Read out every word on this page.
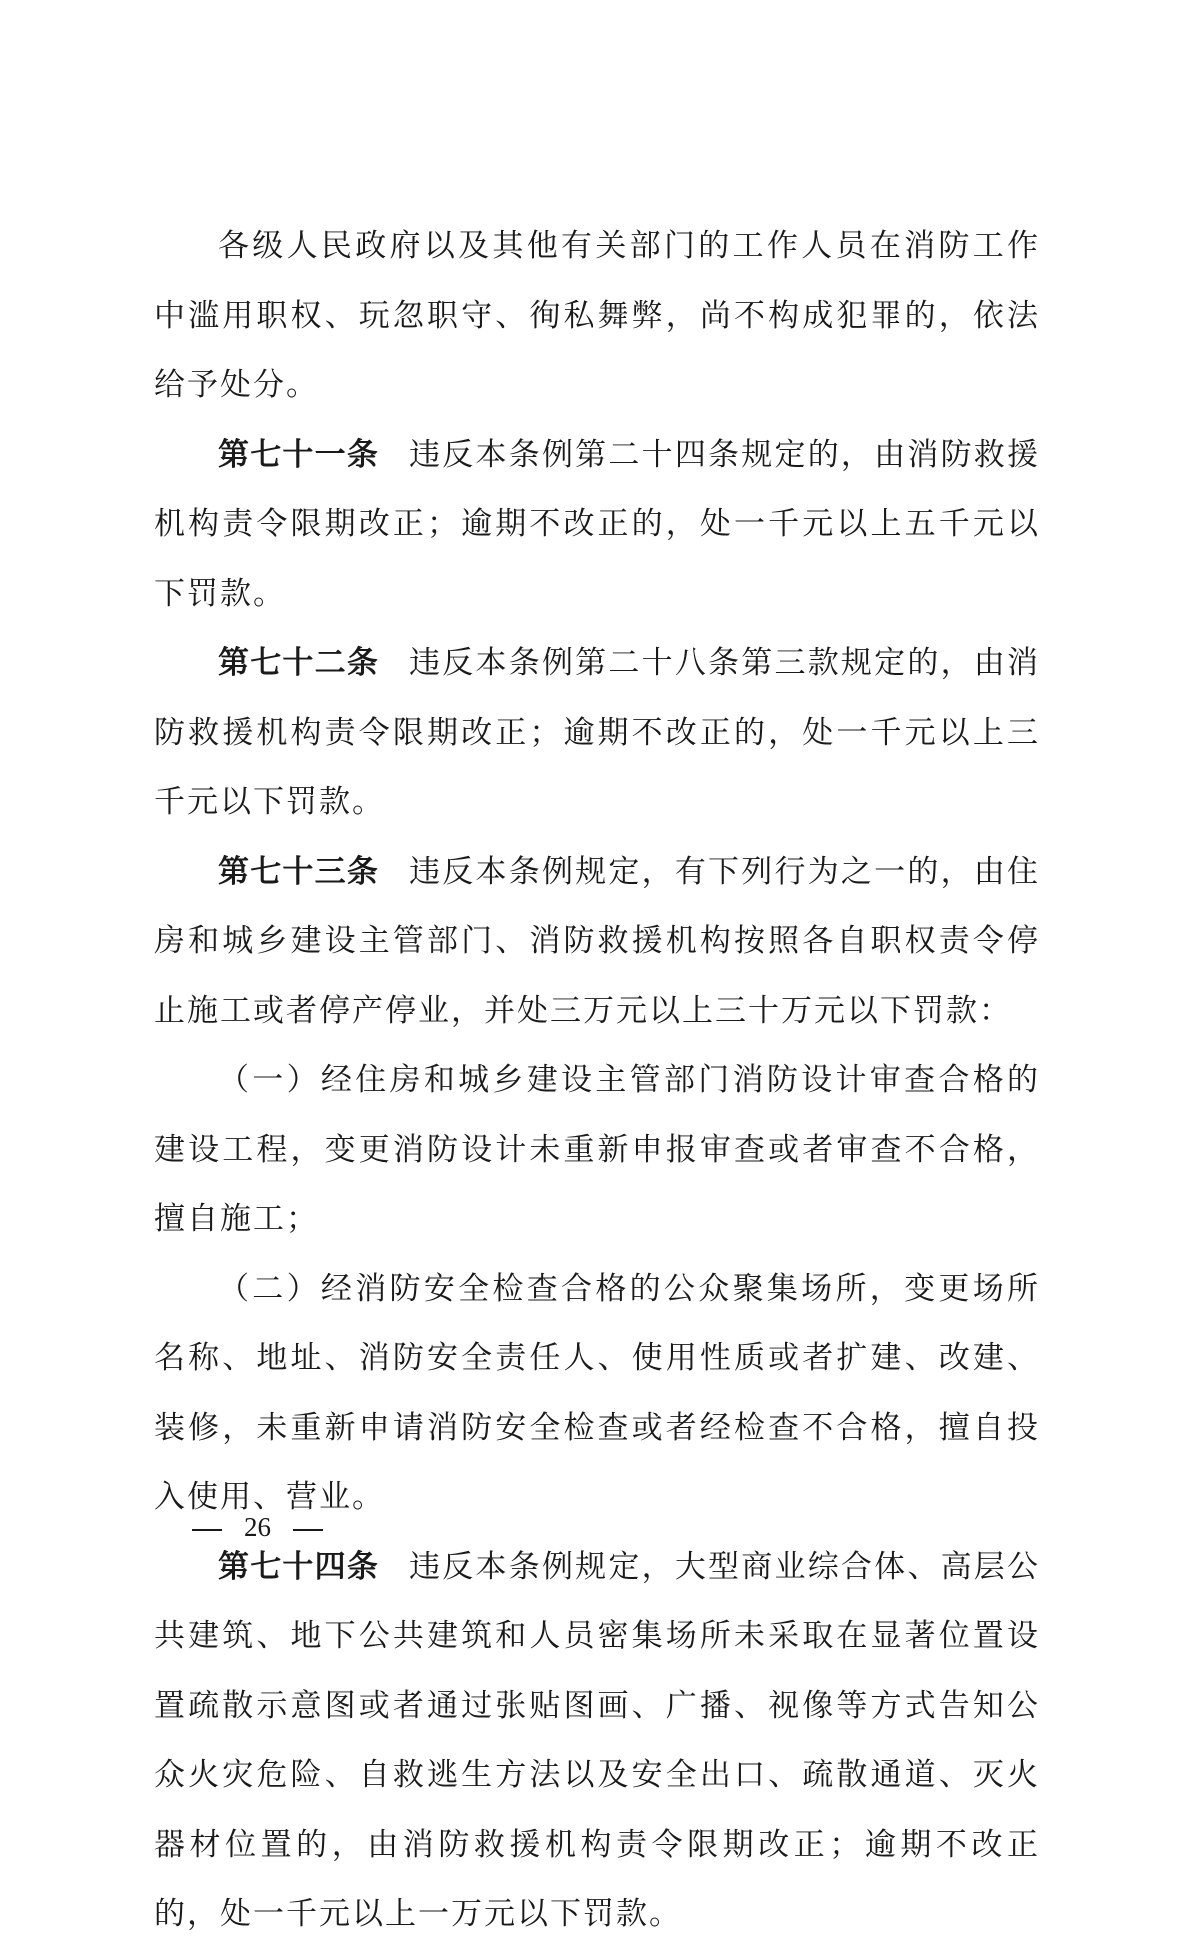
各级人民政府以及其他有关部门的工作人员在消防工作中滥用职权、玩忽职守、徇私舞弊，尚不构成犯罪的，依法给予处分。

第七十一条 违反本条例第二十四条规定的，由消防救援机构责令限期改正；逾期不改正的，处一千元以上五千元以下罚款。

第七十二条 违反本条例第二十八条第三款规定的，由消防救援机构责令限期改正；逾期不改正的，处一千元以上三千元以下罚款。

第七十三条 违反本条例规定，有下列行为之一的，由住房和城乡建设主管部门、消防救援机构按照各自职权责令停止施工或者停产停业，并处三万元以上三十万元以下罚款：

（一）经住房和城乡建设主管部门消防设计审查合格的建设工程，变更消防设计未重新申报审查或者审查不合格，擅自施工；

（二）经消防安全检查合格的公众聚集场所，变更场所名称、地址、消防安全责任人、使用性质或者扩建、改建、装修，未重新申请消防安全检查或者经检查不合格，擅自投入使用、营业。

第七十四条 违反本条例规定，大型商业综合体、高层公共建筑、地下公共建筑和人员密集场所未采取在显著位置设置疏散示意图或者通过张贴图画、广播、视像等方式告知公众火灾危险、自救逃生方法以及安全出口、疏散通道、灭火器材位置的，由消防救援机构责令限期改正；逾期不改正的，处一千元以上一万元以下罚款。

26
